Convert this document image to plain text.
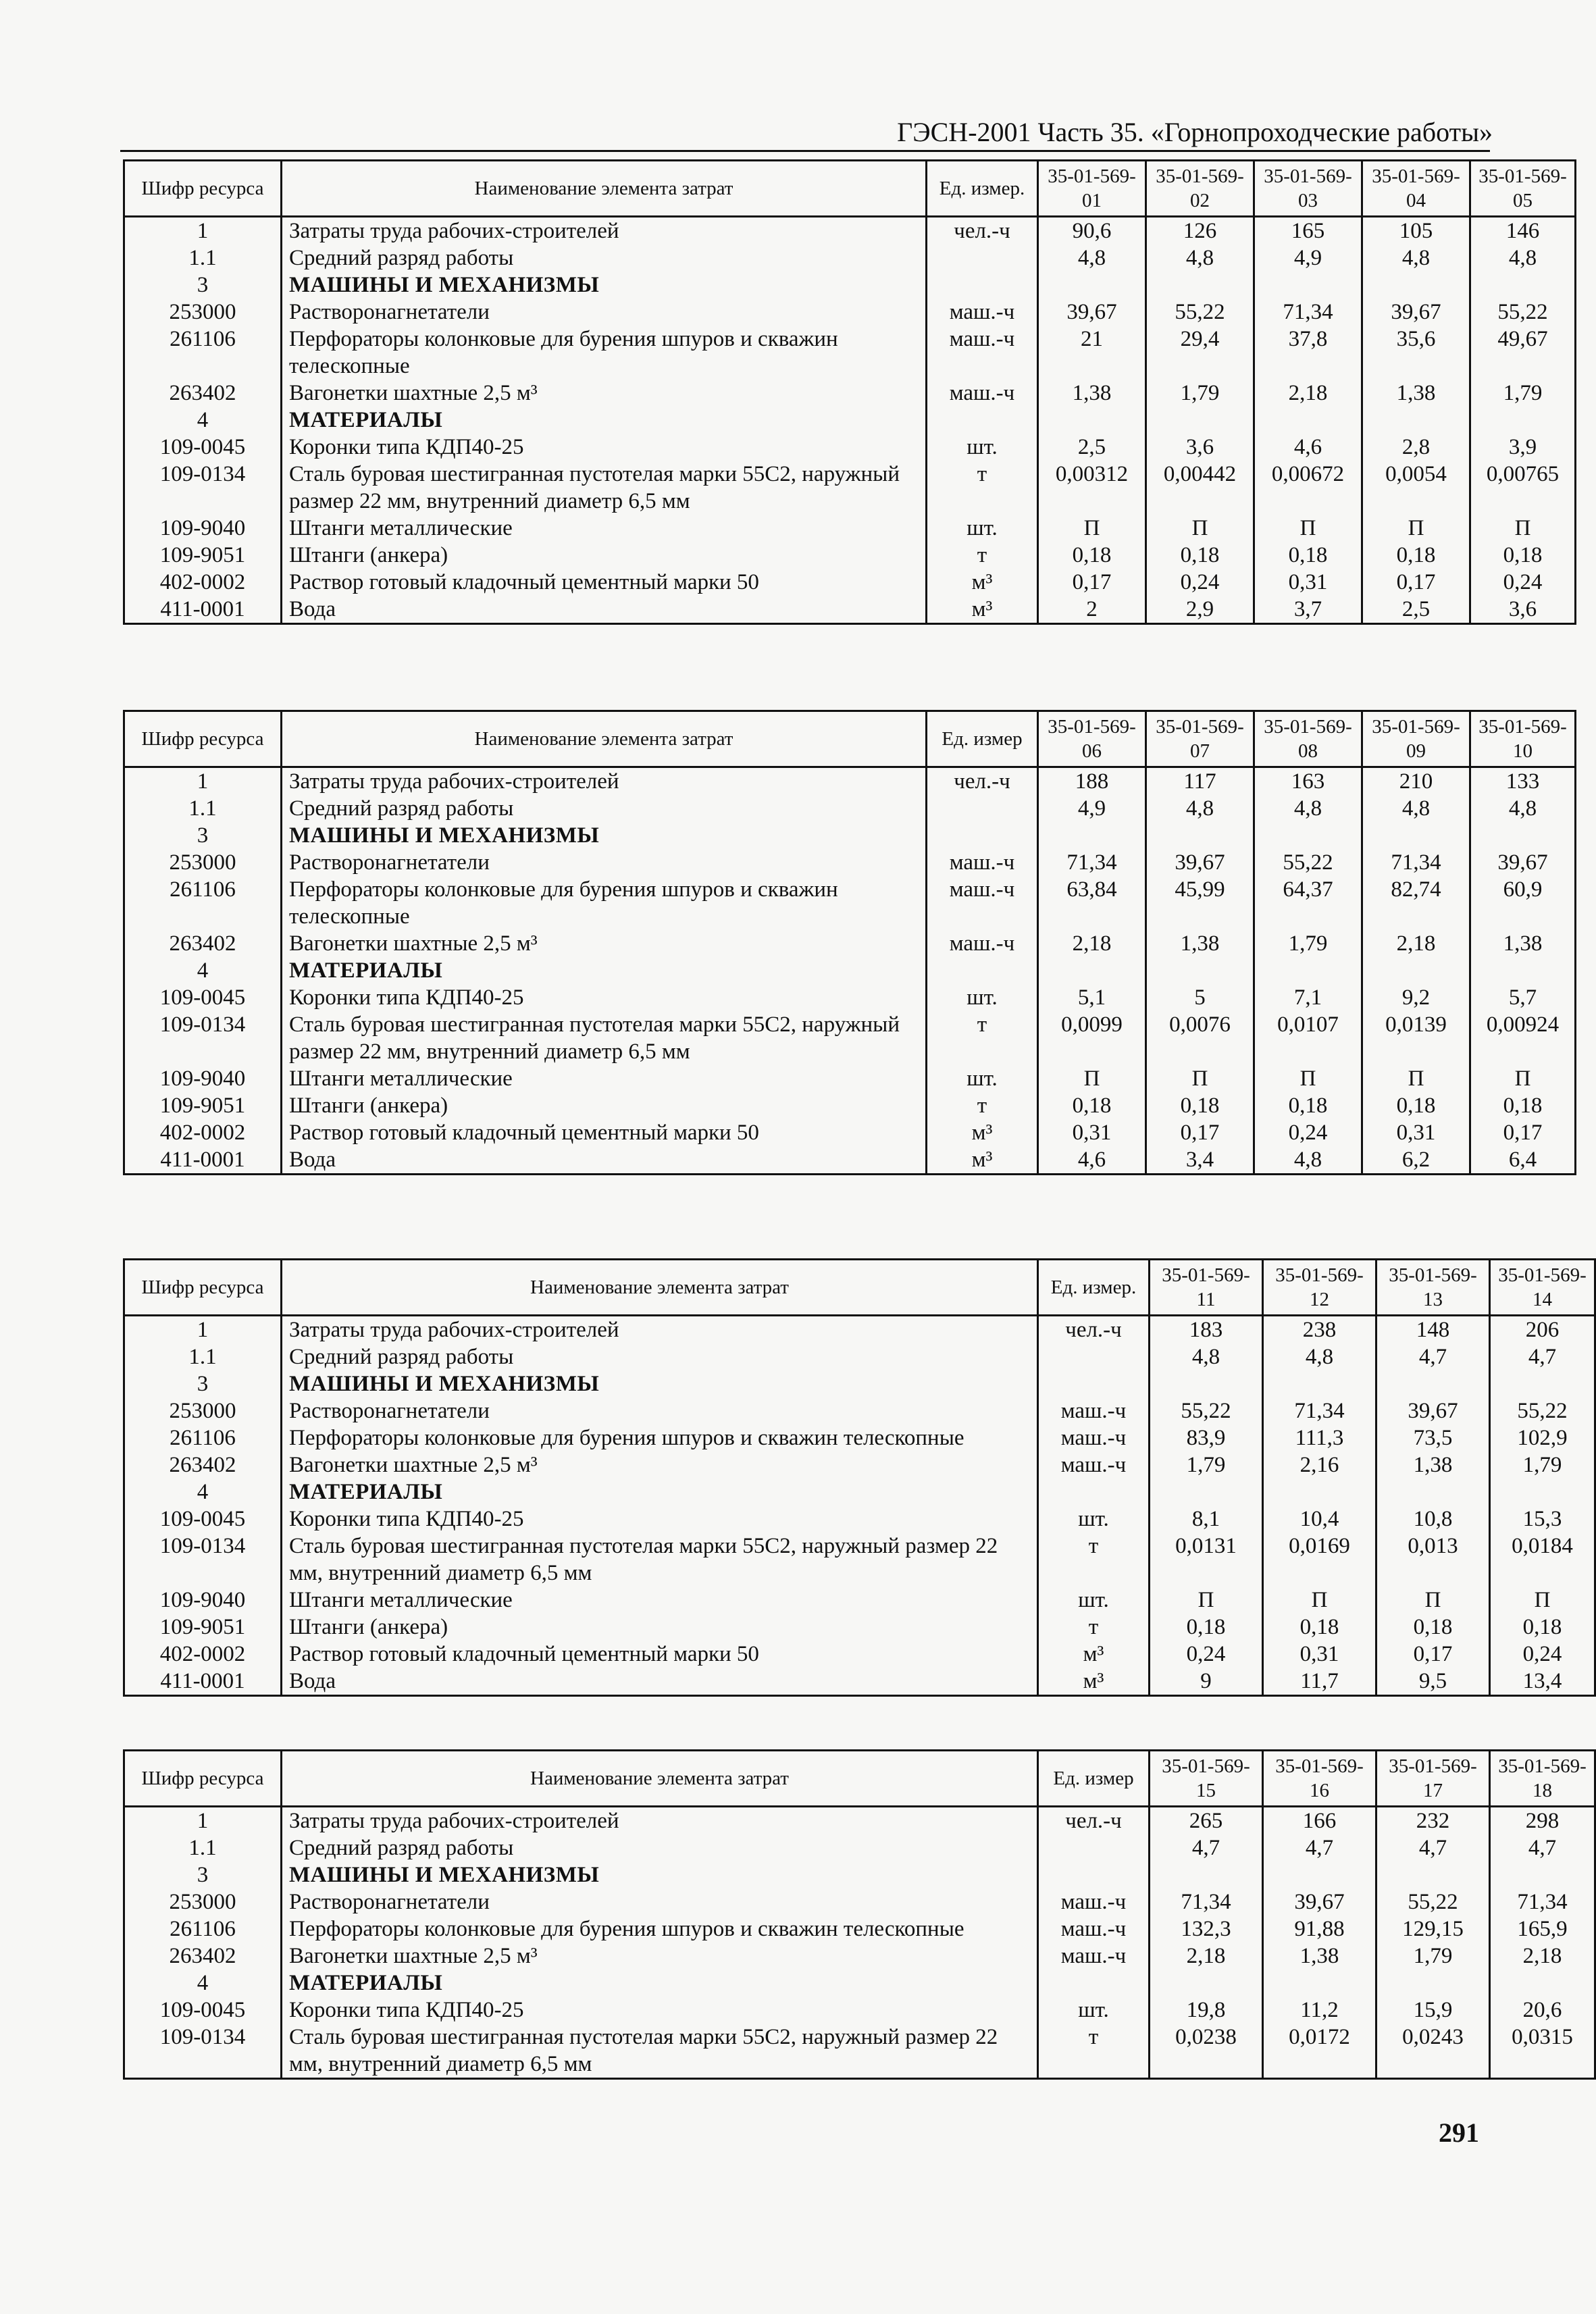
ГЭСН-2001 Часть 35. «Горнопроходческие работы»
Шифр ресурса	Наименование элемента затрат	Ед. измер.	35-01-569-01	35-01-569-02	35-01-569-03	35-01-569-04	35-01-569-05
1	Затраты труда рабочих-строителей	чел.-ч	90,6	126	165	105	146
1.1	Средний разряд работы		4,8	4,8	4,9	4,8	4,8
3	МАШИНЫ И МЕХАНИЗМЫ						
253000	Растворонагнетатели	маш.-ч	39,67	55,22	71,34	39,67	55,22
261106	Перфораторы колонковые для бурения шпуров и скважин телескопные	маш.-ч	21	29,4	37,8	35,6	49,67
263402	Вагонетки шахтные 2,5 м³	маш.-ч	1,38	1,79	2,18	1,38	1,79
4	МАТЕРИАЛЫ						
109-0045	Коронки типа КДП40-25	шт.	2,5	3,6	4,6	2,8	3,9
109-0134	Сталь буровая шестигранная пустотелая марки 55С2, наружный размер 22 мм, внутренний диаметр 6,5 мм	т	0,00312	0,00442	0,00672	0,0054	0,00765
109-9040	Штанги металлические	шт.	П	П	П	П	П
109-9051	Штанги (анкера)	т	0,18	0,18	0,18	0,18	0,18
402-0002	Раствор готовый кладочный цементный марки 50	м³	0,17	0,24	0,31	0,17	0,24
411-0001	Вода	м³	2	2,9	3,7	2,5	3,6
Шифр ресурса	Наименование элемента затрат	Ед. измер	35-01-569-06	35-01-569-07	35-01-569-08	35-01-569-09	35-01-569-10
1	Затраты труда рабочих-строителей	чел.-ч	188	117	163	210	133
1.1	Средний разряд работы		4,9	4,8	4,8	4,8	4,8
3	МАШИНЫ И МЕХАНИЗМЫ						
253000	Растворонагнетатели	маш.-ч	71,34	39,67	55,22	71,34	39,67
261106	Перфораторы колонковые для бурения шпуров и скважин телескопные	маш.-ч	63,84	45,99	64,37	82,74	60,9
263402	Вагонетки шахтные 2,5 м³	маш.-ч	2,18	1,38	1,79	2,18	1,38
4	МАТЕРИАЛЫ						
109-0045	Коронки типа КДП40-25	шт.	5,1	5	7,1	9,2	5,7
109-0134	Сталь буровая шестигранная пустотелая марки 55С2, наружный размер 22 мм, внутренний диаметр 6,5 мм	т	0,0099	0,0076	0,0107	0,0139	0,00924
109-9040	Штанги металлические	шт.	П	П	П	П	П
109-9051	Штанги (анкера)	т	0,18	0,18	0,18	0,18	0,18
402-0002	Раствор готовый кладочный цементный марки 50	м³	0,31	0,17	0,24	0,31	0,17
411-0001	Вода	м³	4,6	3,4	4,8	6,2	6,4
Шифр ресурса	Наименование элемента затрат	Ед. измер.	35-01-569-11	35-01-569-12	35-01-569-13	35-01-569-14
1	Затраты труда рабочих-строителей	чел.-ч	183	238	148	206
1.1	Средний разряд работы		4,8	4,8	4,7	4,7
3	МАШИНЫ И МЕХАНИЗМЫ					
253000	Растворонагнетатели	маш.-ч	55,22	71,34	39,67	55,22
261106	Перфораторы колонковые для бурения шпуров и скважин телескопные	маш.-ч	83,9	111,3	73,5	102,9
263402	Вагонетки шахтные 2,5 м³	маш.-ч	1,79	2,16	1,38	1,79
4	МАТЕРИАЛЫ					
109-0045	Коронки типа КДП40-25	шт.	8,1	10,4	10,8	15,3
109-0134	Сталь буровая шестигранная пустотелая марки 55С2, наружный размер 22 мм, внутренний диаметр 6,5 мм	т	0,0131	0,0169	0,013	0,0184
109-9040	Штанги металлические	шт.	П	П	П	П
109-9051	Штанги (анкера)	т	0,18	0,18	0,18	0,18
402-0002	Раствор готовый кладочный цементный марки 50	м³	0,24	0,31	0,17	0,24
411-0001	Вода	м³	9	11,7	9,5	13,4
Шифр ресурса	Наименование элемента затрат	Ед. измер	35-01-569-15	35-01-569-16	35-01-569-17	35-01-569-18
1	Затраты труда рабочих-строителей	чел.-ч	265	166	232	298
1.1	Средний разряд работы		4,7	4,7	4,7	4,7
3	МАШИНЫ И МЕХАНИЗМЫ					
253000	Растворонагнетатели	маш.-ч	71,34	39,67	55,22	71,34
261106	Перфораторы колонковые для бурения шпуров и скважин телескопные	маш.-ч	132,3	91,88	129,15	165,9
263402	Вагонетки шахтные 2,5 м³	маш.-ч	2,18	1,38	1,79	2,18
4	МАТЕРИАЛЫ					
109-0045	Коронки типа КДП40-25	шт.	19,8	11,2	15,9	20,6
109-0134	Сталь буровая шестигранная пустотелая марки 55С2, наружный размер 22 мм, внутренний диаметр 6,5 мм	т	0,0238	0,0172	0,0243	0,0315
291
